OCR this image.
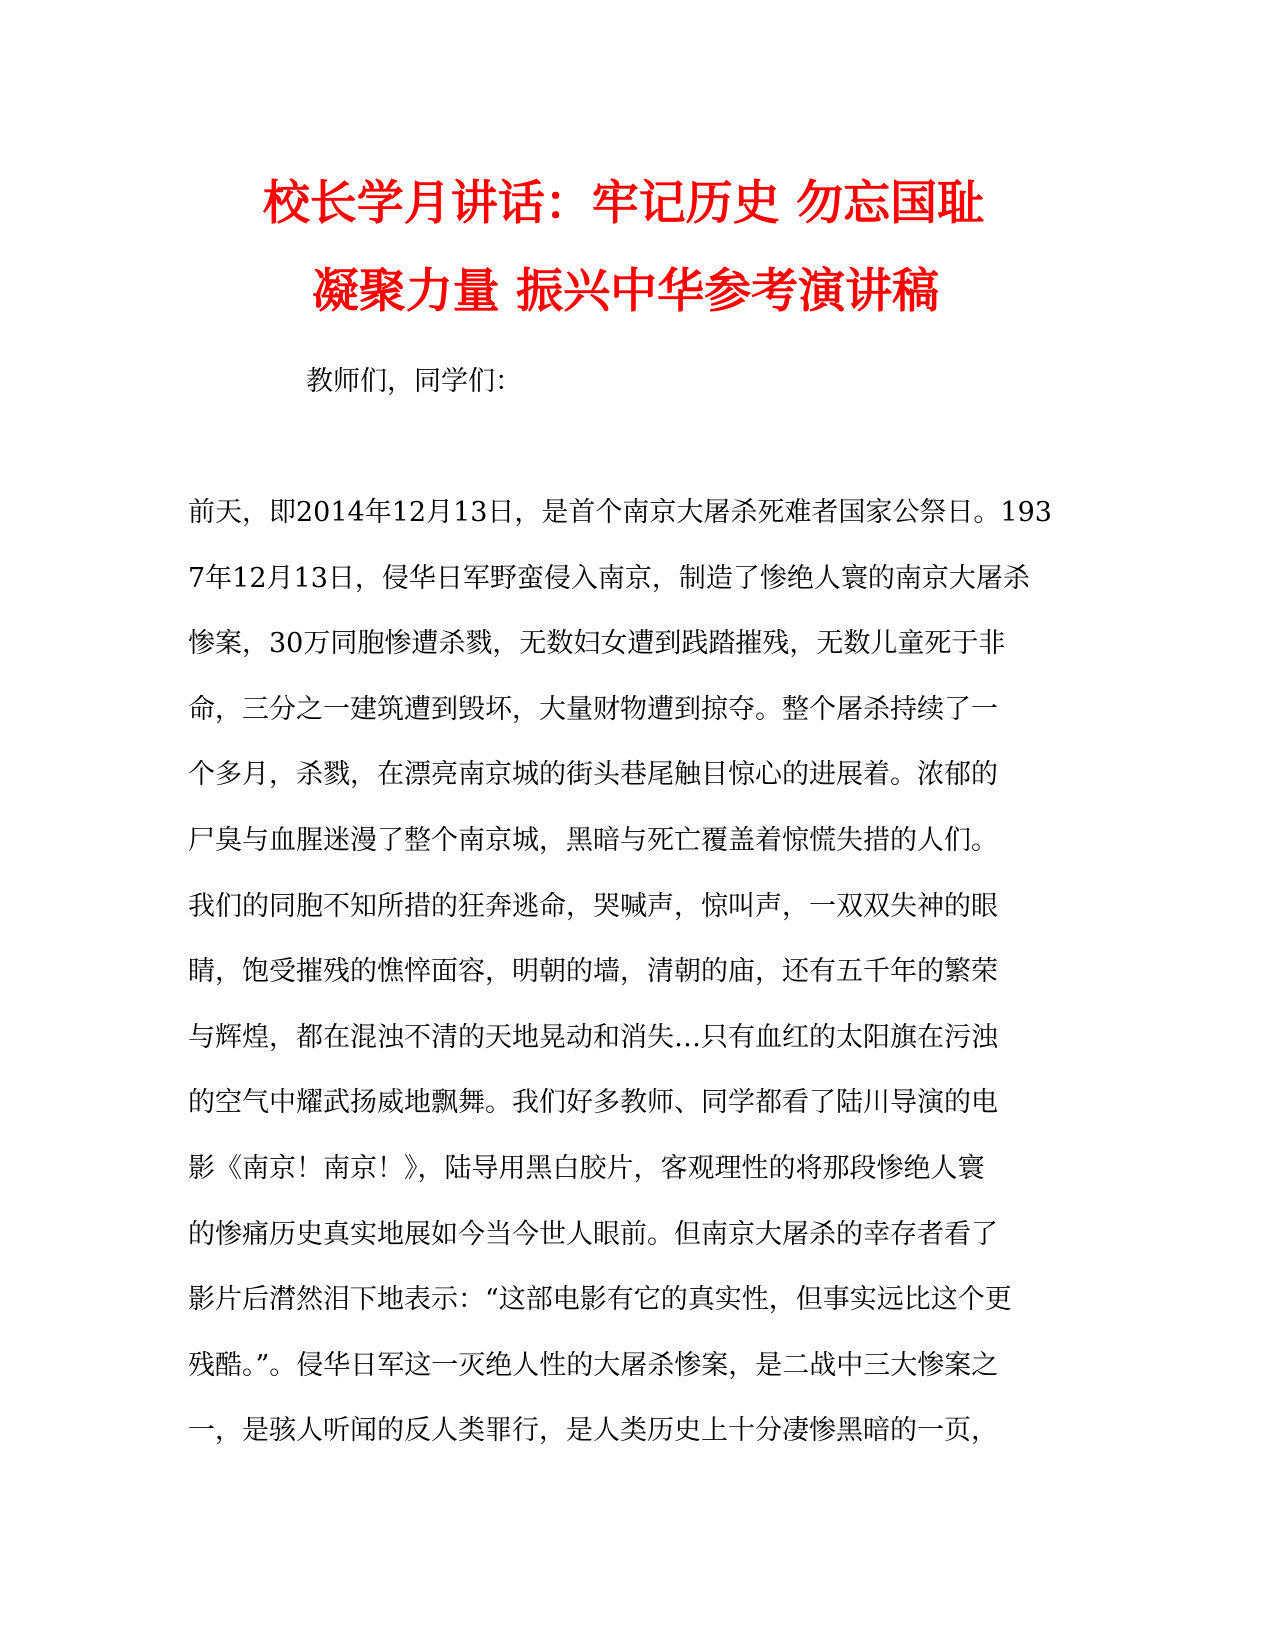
校长学月讲话：牢记历史 勿忘国耻
凝聚力量 振兴中华参考演讲稿
教师们，同学们：
前天，即2014年12月13日，是首个南京大屠杀死难者国家公祭日。193
7年12月13日，侵华日军野蛮侵入南京，制造了惨绝人寰的南京大屠杀
惨案，30万同胞惨遭杀戮，无数妇女遭到践踏摧残，无数儿童死于非
命，三分之一建筑遭到毁坏，大量财物遭到掠夺。整个屠杀持续了一
个多月，杀戮，在漂亮南京城的街头巷尾触目惊心的进展着。浓郁的
尸臭与血腥迷漫了整个南京城，黑暗与死亡覆盖着惊慌失措的人们。
我们的同胞不知所措的狂奔逃命，哭喊声，惊叫声，一双双失神的眼
睛，饱受摧残的憔悴面容，明朝的墙，清朝的庙，还有五千年的繁荣
与辉煌，都在混浊不清的天地晃动和消失…只有血红的太阳旗在污浊
的空气中耀武扬威地飘舞。我们好多教师、同学都看了陆川导演的电
影《南京！南京！》，陆导用黑白胶片，客观理性的将那段惨绝人寰
的惨痛历史真实地展如今当今世人眼前。但南京大屠杀的幸存者看了
影片后潸然泪下地表示：“这部电影有它的真实性，但事实远比这个更
残酷。”。侵华日军这一灭绝人性的大屠杀惨案，是二战中三大惨案之
一，是骇人听闻的反人类罪行，是人类历史上十分凄惨黑暗的一页，
